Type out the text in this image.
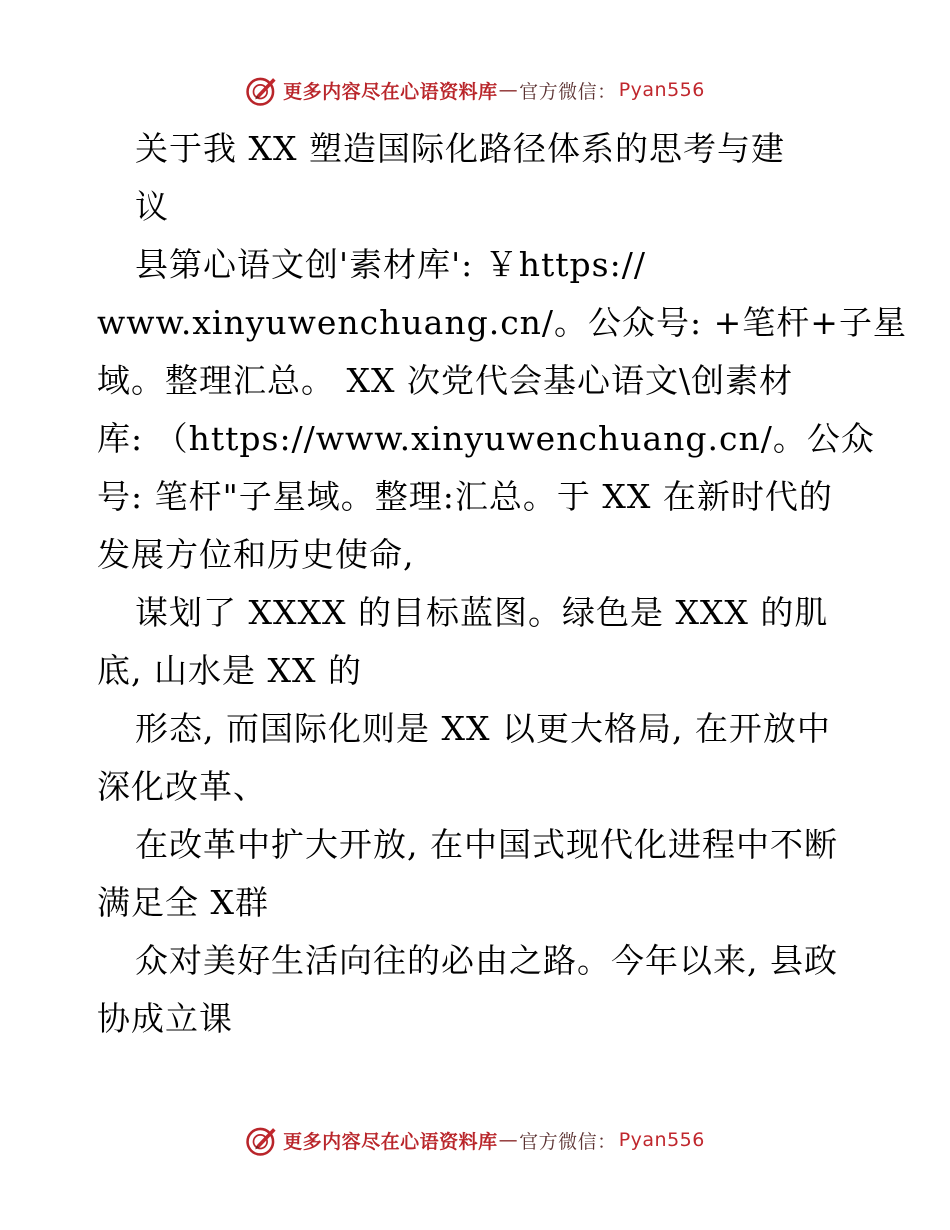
更多内容尽在心语资料库 — 官方微信： Pyan556
关于我 XX 塑造国际化路径体系的思考与建
议
县第心语文创'素材库': ￥https://
www.xinyuwenchuang.cn/。公众号: +笔杆+子星
域。整理汇总。 XX 次党代会基心语文\创素材
库: （https://www.xinyuwenchuang.cn/。公众
号: 笔杆"子星域。整理:汇总。于 XX 在新时代的
发展方位和历史使命,
谋划了 XXXX 的目标蓝图。绿色是 XXX 的肌
底, 山水是 XX 的
形态, 而国际化则是 XX 以更大格局, 在开放中
深化改革、
在改革中扩大开放, 在中国式现代化进程中不断
满足全 X群
众对美好生活向往的必由之路。今年以来, 县政
协成立课
更多内容尽在心语资料库 — 官方微信： Pyan556
